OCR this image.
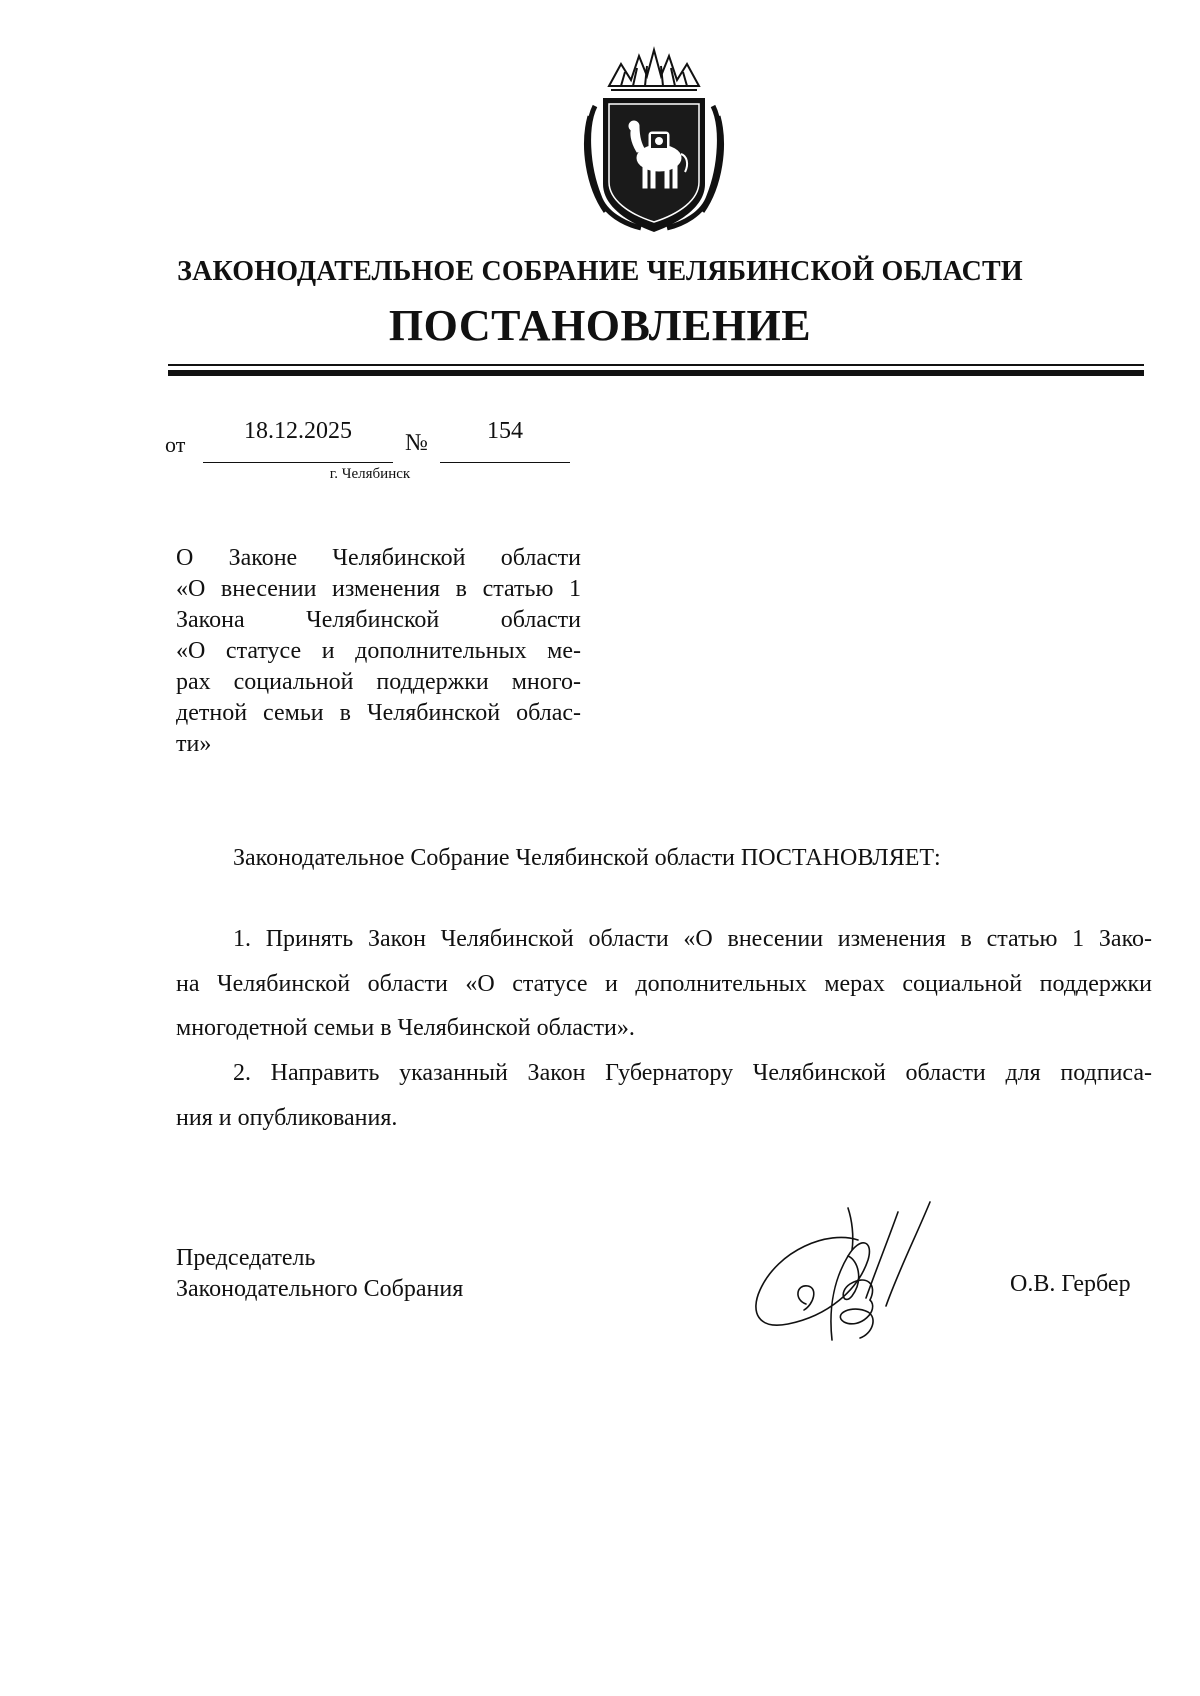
ЗАКОНОДАТЕЛЬНОЕ СОБРАНИЕ ЧЕЛЯБИНСКОЙ ОБЛАСТИ
ПОСТАНОВЛЕНИЕ
от
18.12.2025	№	154
г. Челябинск
О Законе Челябинской области
«О внесении изменения в статью 1
Закона Челябинской области
«О статусе и дополнительных ме-
рах социальной поддержки много-
детной семьи в Челябинской облас-
ти»
Законодательное Собрание Челябинской области ПОСТАНОВЛЯЕТ:
1. Принять Закон Челябинской области «О внесении изменения в статью 1 Зако-
на Челябинской области «О статусе и дополнительных мерах социальной поддержки
многодетной семьи в Челябинской области».
2. Направить указанный Закон Губернатору Челябинской области для подписа-
ния и опубликования.
Председатель
Законодательного Собрания	О.В. Гербер
